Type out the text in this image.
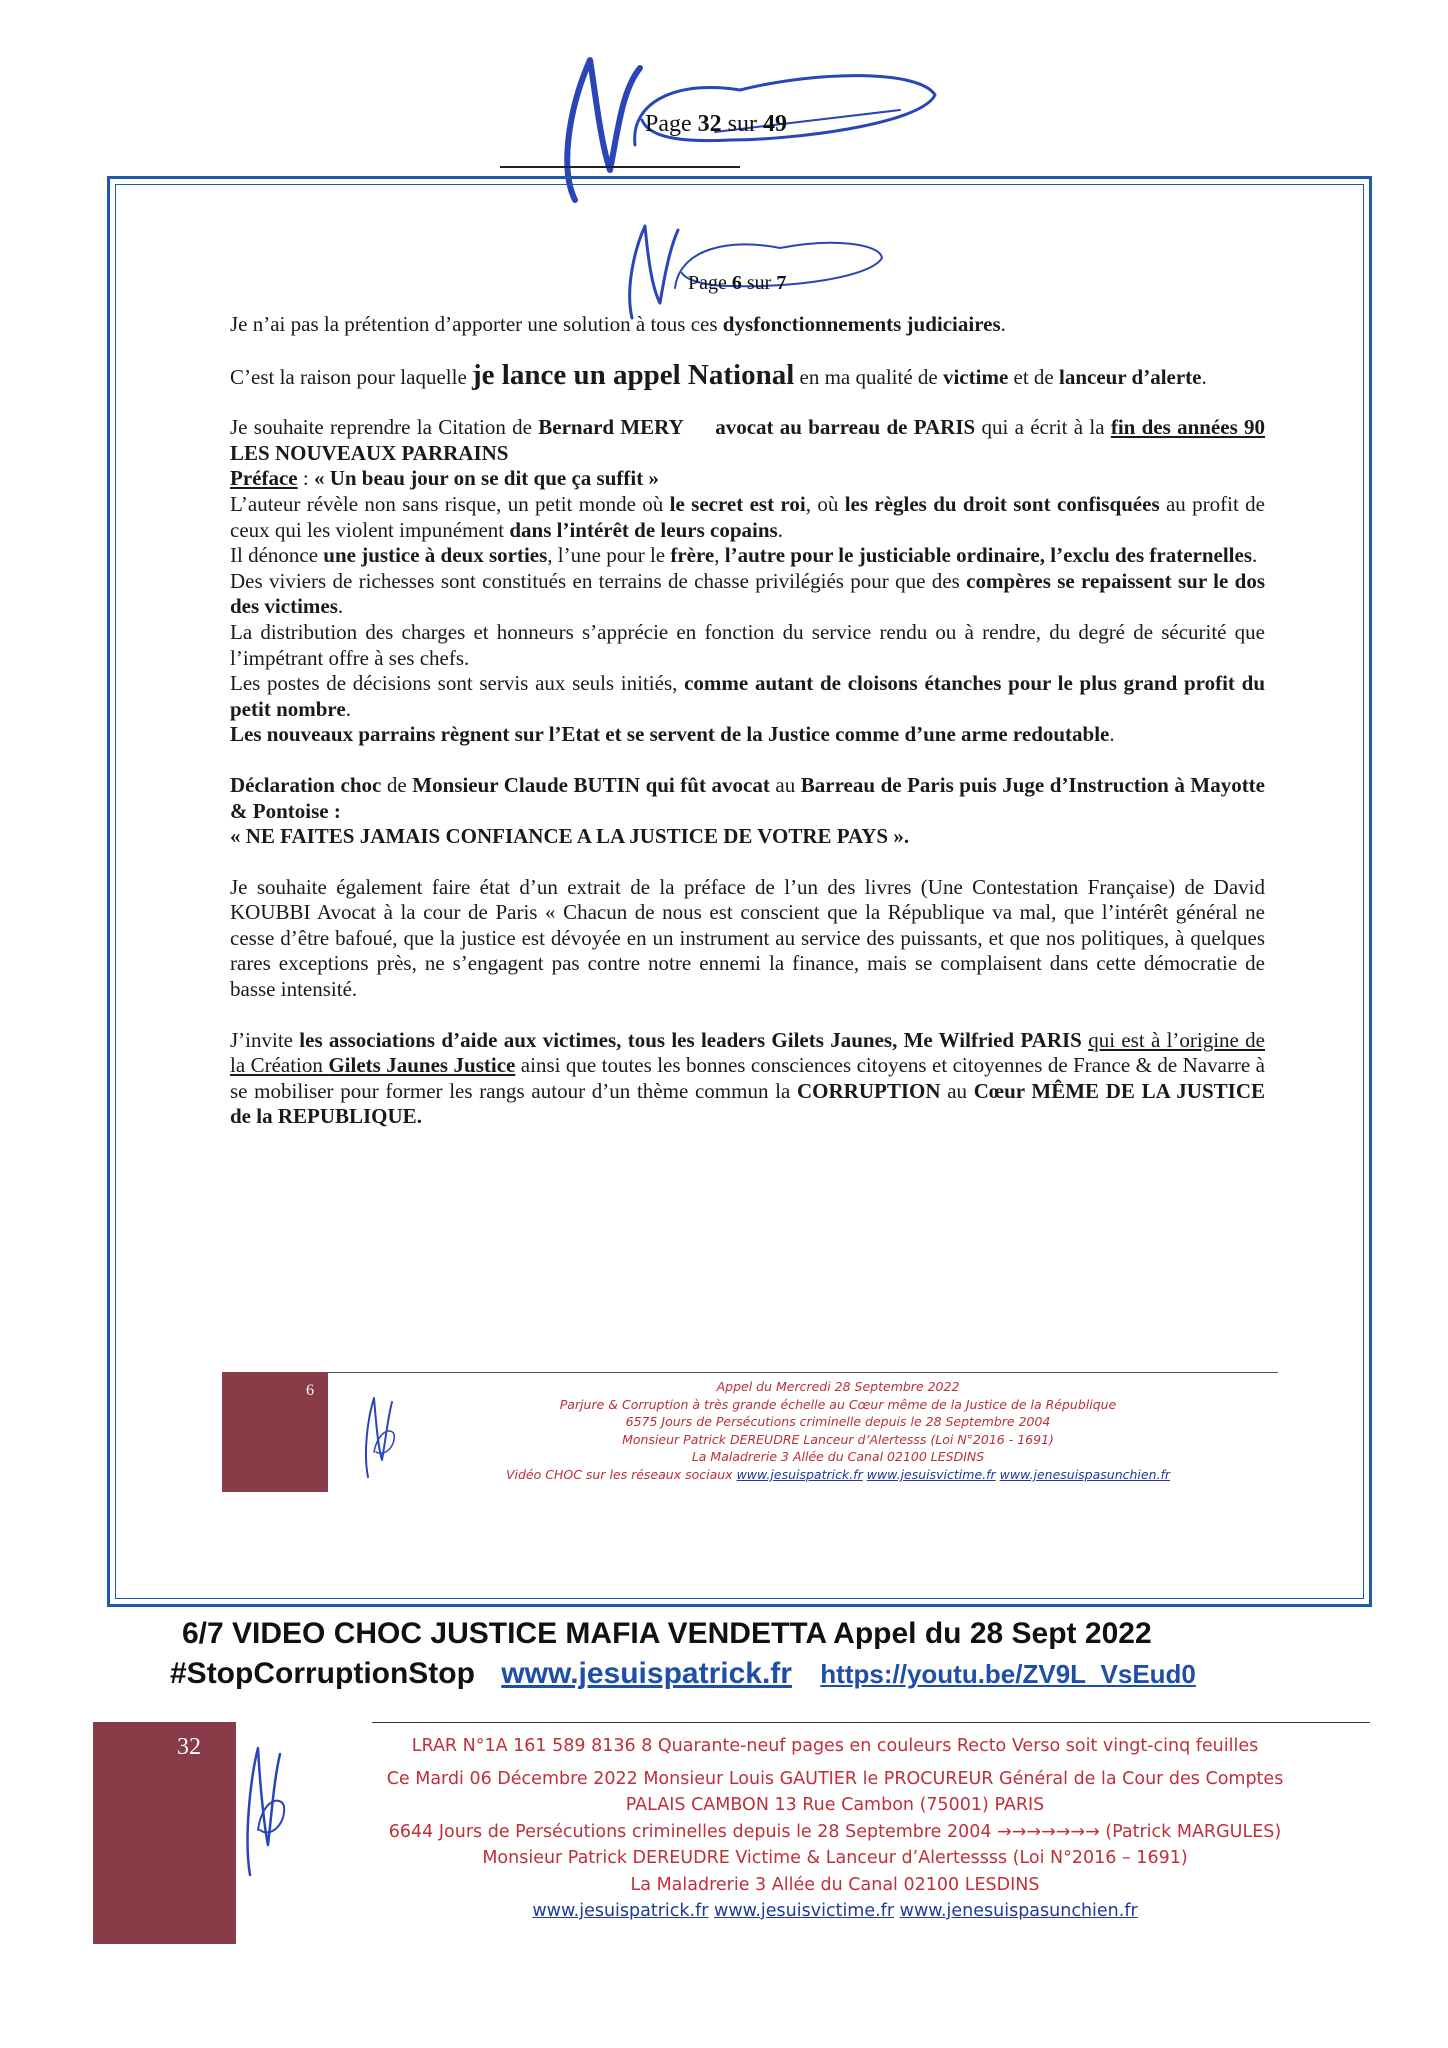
Page 32 sur 49
Page 6 sur 7

Je n’ai pas la prétention d’apporter une solution à tous ces dysfonctionnements judiciaires.

C’est la raison pour laquelle je lance un appel National en ma qualité de victime et de lanceur d’alerte.

Je souhaite reprendre la Citation de Bernard MERY avocat au barreau de PARIS qui a écrit à la fin des années 90 LES NOUVEAUX PARRAINS
Préface : « Un beau jour on se dit que ça suffit »
L’auteur révèle non sans risque, un petit monde où le secret est roi, où les règles du droit sont confisquées au profit de ceux qui les violent impunément dans l’intérêt de leurs copains.
Il dénonce une justice à deux sorties, l’une pour le frère, l’autre pour le justiciable ordinaire, l’exclu des fraternelles.
Des viviers de richesses sont constitués en terrains de chasse privilégiés pour que des compères se repaissent sur le dos des victimes.
La distribution des charges et honneurs s’apprécie en fonction du service rendu ou à rendre, du degré de sécurité que l’impétrant offre à ses chefs.
Les postes de décisions sont servis aux seuls initiés, comme autant de cloisons étanches pour le plus grand profit du petit nombre.
Les nouveaux parrains règnent sur l’Etat et se servent de la Justice comme d’une arme redoutable.

Déclaration choc de Monsieur Claude BUTIN qui fût avocat au Barreau de Paris puis Juge d’Instruction à Mayotte & Pontoise :
« NE FAITES JAMAIS CONFIANCE A LA JUSTICE DE VOTRE PAYS ».

Je souhaite également faire état d’un extrait de la préface de l’un des livres (Une Contestation Française) de David KOUBBI Avocat à la cour de Paris « Chacun de nous est conscient que la République va mal, que l’intérêt général ne cesse d’être bafoué, que la justice est dévoyée en un instrument au service des puissants, et que nos politiques, à quelques rares exceptions près, ne s’engagent pas contre notre ennemi la finance, mais se complaisent dans cette démocratie de basse intensité.

J’invite les associations d’aide aux victimes, tous les leaders Gilets Jaunes, Me Wilfried PARIS qui est à l’origine de la Création Gilets Jaunes Justice ainsi que toutes les bonnes consciences citoyens et citoyennes de France & de Navarre à se mobiliser pour former les rangs autour d’un thème commun la CORRUPTION au Cœur MÊME DE LA JUSTICE de la REPUBLIQUE.

6	Appel du Mercredi 28 Septembre 2022
Parjure & Corruption à très grande échelle au Cœur même de la Justice de la République
6575 Jours de Persécutions criminelle depuis le 28 Septembre 2004
Monsieur Patrick DEREUDRE Lanceur d’Alertesss (Loi N°2016 - 1691)
La Maladrerie 3 Allée du Canal 02100 LESDINS
Vidéo CHOC sur les réseaux sociaux www.jesuispatrick.fr www.jesuisvictime.fr www.jenesuispasunchien.fr
6/7 VIDEO CHOC JUSTICE MAFIA VENDETTA Appel du 28 Sept 2022
#StopCorruptionStop www.jesuispatrick.fr https://youtu.be/ZV9L_VsEud0
32	LRAR N°1A 161 589 8136 8 Quarante-neuf pages en couleurs Recto Verso soit vingt-cinq feuilles
Ce Mardi 06 Décembre 2022 Monsieur Louis GAUTIER le PROCUREUR Général de la Cour des Comptes
PALAIS CAMBON 13 Rue Cambon (75001) PARIS
6644 Jours de Persécutions criminelles depuis le 28 Septembre 2004 →→→→→→→ (Patrick MARGULES)
Monsieur Patrick DEREUDRE Victime & Lanceur d’Alertessss (Loi N°2016 – 1691)
La Maladrerie 3 Allée du Canal 02100 LESDINS
www.jesuispatrick.fr www.jesuisvictime.fr www.jenesuispasunchien.fr
